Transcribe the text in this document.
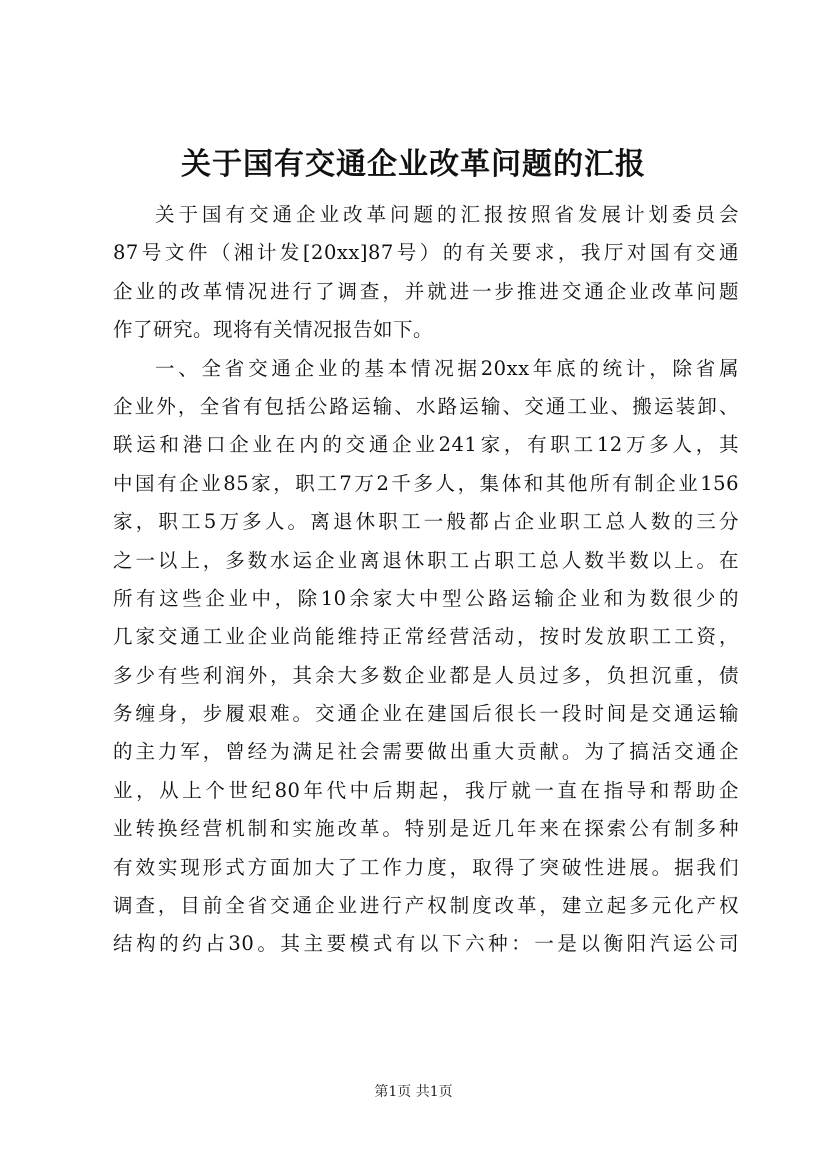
关于国有交通企业改革问题的汇报
关于国有交通企业改革问题的汇报按照省发展计划委员会
87号文件（湘计发[20xx]87号）的有关要求，我厅对国有交通
企业的改革情况进行了调查，并就进一步推进交通企业改革问题
作了研究。现将有关情况报告如下。
一、全省交通企业的基本情况据20xx年底的统计，除省属
企业外，全省有包括公路运输、水路运输、交通工业、搬运装卸、
联运和港口企业在内的交通企业241家，有职工12万多人，其
中国有企业85家，职工7万2千多人，集体和其他所有制企业156
家，职工5万多人。离退休职工一般都占企业职工总人数的三分
之一以上，多数水运企业离退休职工占职工总人数半数以上。在
所有这些企业中，除10余家大中型公路运输企业和为数很少的
几家交通工业企业尚能维持正常经营活动，按时发放职工工资，
多少有些利润外，其余大多数企业都是人员过多，负担沉重，债
务缠身，步履艰难。交通企业在建国后很长一段时间是交通运输
的主力军，曾经为满足社会需要做出重大贡献。为了搞活交通企
业，从上个世纪80年代中后期起，我厅就一直在指导和帮助企
业转换经营机制和实施改革。特别是近几年来在探索公有制多种
有效实现形式方面加大了工作力度，取得了突破性进展。据我们
调查，目前全省交通企业进行产权制度改革，建立起多元化产权
结构的约占30。其主要模式有以下六种：一是以衡阳汽运公司
第1页 共1页
